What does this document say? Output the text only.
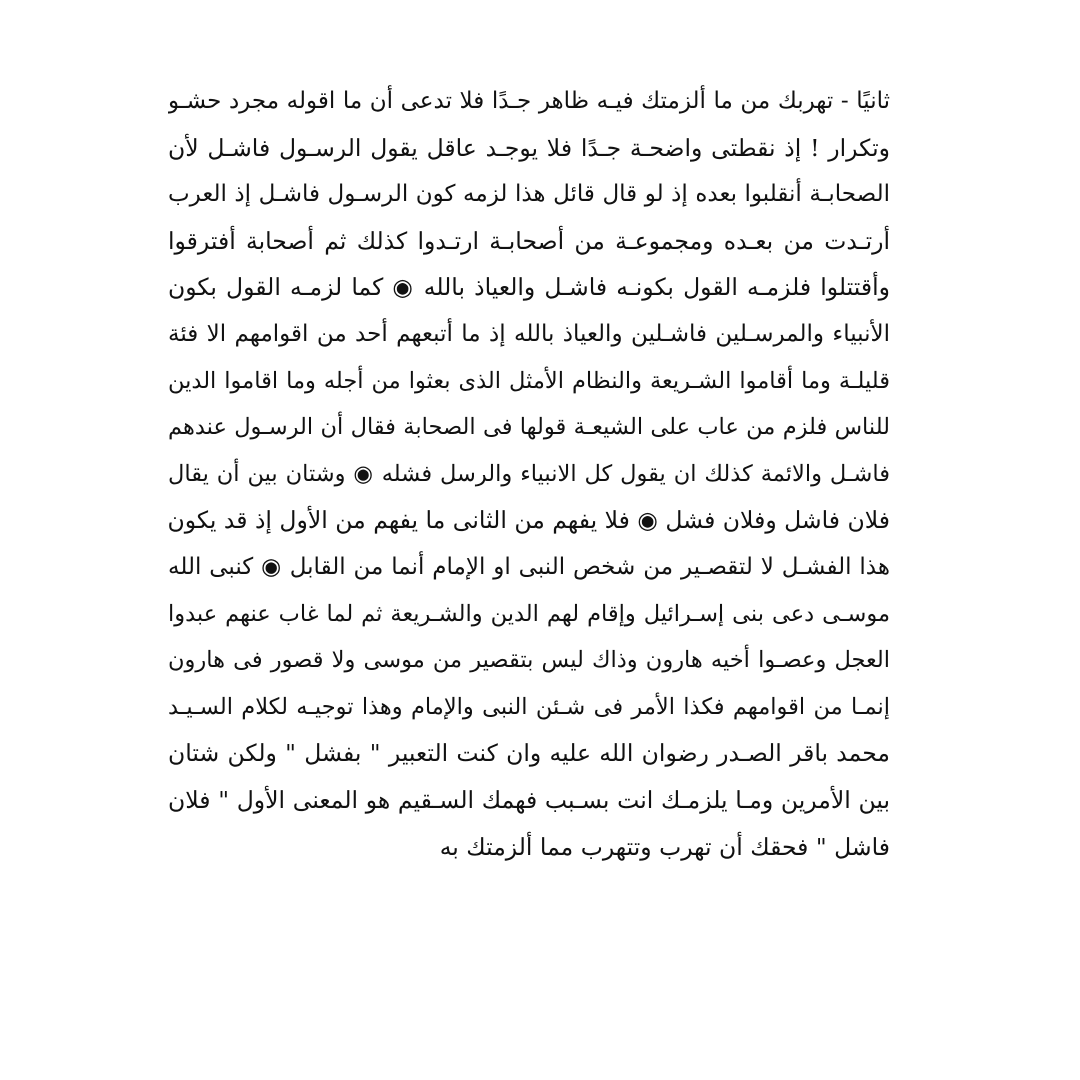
ثانيًا - تهربك من ما ألزمتك فيـه ظاهر جـدًا فلا تدعى أن ما اقوله مجرد حشـو
وتكرار ! إذ نقطتى واضحـة جـدًا فلا يوجـد عاقل يقول الرسـول فاشـل لأن
الصحابـة أنقلبوا بعده إذ لو قال قائل هذا لزمه كون الرسـول فاشـل إذ العرب
أرتـدت من بعـده ومجموعـة من أصحابـة ارتـدوا كذلك ثم أصحابة أفترقوا
وأقتتلوا فلزمـه القول بكونـه فاشـل والعياذ بالله ◉ كما لزمـه القول بكون
الأنبياء والمرسـلين فاشـلين والعياذ بالله إذ ما أتبعهم أحد من اقوامهم الا فئة
قليلـة وما أقاموا الشـريعة والنظام الأمثل الذى بعثوا من أجله وما اقاموا الدين
للناس فلزم من عاب على الشيعـة قولها فى الصحابة فقال أن الرسـول عندهم
فاشـل والائمة كذلك ان يقول كل الانبياء والرسل فشله ◉ وشتان بين أن يقال
فلان فاشل وفلان فشل ◉ فلا يفهم من الثانى ما يفهم من الأول إذ قد يكون
هذا الفشـل لا لتقصـير من شخص النبى او الإمام أنما من القابل ◉ كنبى الله
موسـى دعى بنى إسـرائيل وإقام لهم الدين والشـريعة ثم لما غاب عنهم عبدوا
العجل وعصـوا أخيه هارون وذاك ليس بتقصير من موسى ولا قصور فى هارون
إنمـا من اقوامهم فكذا الأمر فى شـئن النبى والإمام وهذا توجيـه لكلام السـيـد
محمد باقر الصـدر رضوان الله عليه وان كنت التعبير " بفشل " ولكن شتان
بين الأمرين ومـا يلزمـك انت بسـبب فهمك السـقيم هو المعنى الأول " فلان
فاشل " فحقك أن تهرب وتتهرب مما ألزمتك به
